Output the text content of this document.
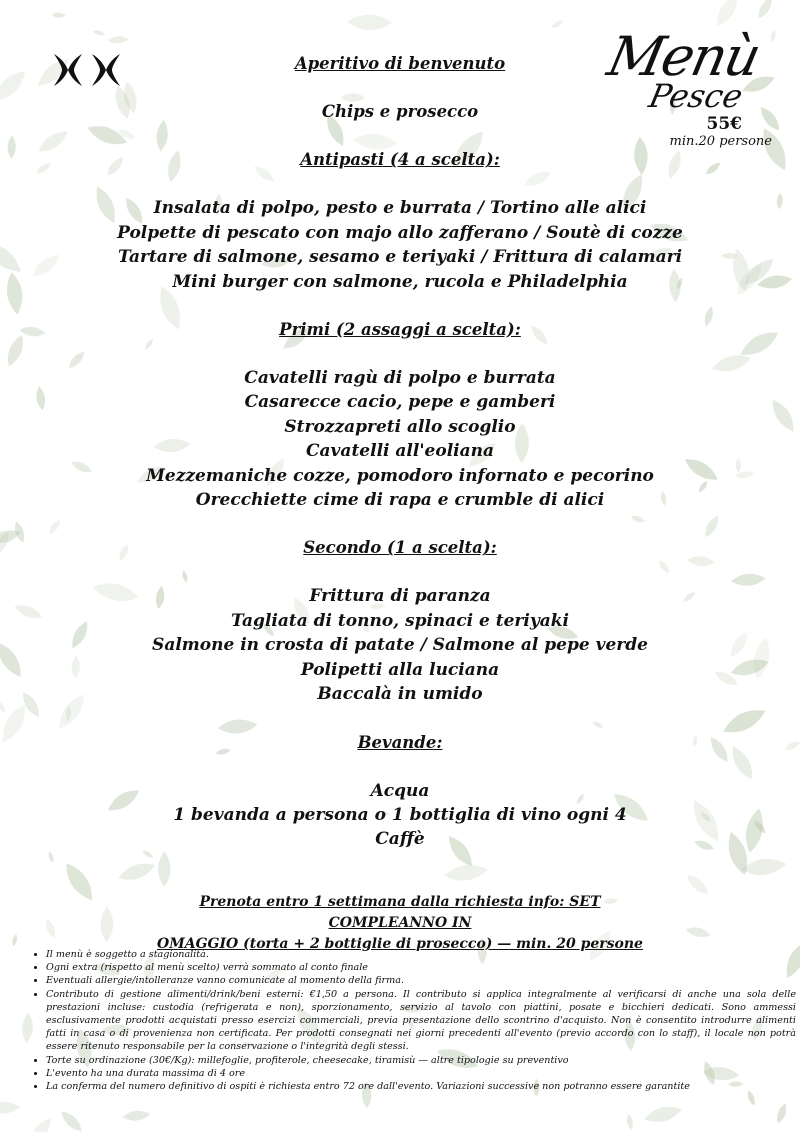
Menù
Pesce
55€
min.20 persone

Aperitivo di benvenuto

Chips e prosecco

Antipasti (4 a scelta):

Insalata di polpo, pesto e burrata / Tortino alle alici

Polpette di pescato con majo allo zafferano / Soutè di cozze

Tartare di salmone, sesamo e teriyaki / Frittura di calamari

Mini burger con salmone, rucola e Philadelphia

Primi (2 assaggi a scelta):

Cavatelli ragù di polpo e burrata

Casarecce cacio, pepe e gamberi

Strozzapreti allo scoglio

Cavatelli all'eoliana

Mezzemaniche cozze, pomodoro infornato e pecorino

Orecchiette cime di rapa e crumble di alici

Secondo (1 a scelta):

Frittura di paranza

Tagliata di tonno, spinaci e teriyaki

Salmone in crosta di patate / Salmone al pepe verde

Polipetti alla luciana

Baccalà in umido

Bevande:

Acqua

1 bevanda a persona o 1 bottiglia di vino ogni 4

Caffè

Prenota entro 1 settimana dalla richiesta info: SET COMPLEANNO IN
OMAGGIO (torta + 2 bottiglie di prosecco) — min. 20 persone
• Il menù è soggetto a stagionalità.
• Ogni extra (rispetto al menù scelto) verrà sommato al conto finale
• Eventuali allergie/intolleranze vanno comunicate al momento della firma.
• Contributo di gestione alimenti/drink/beni esterni: €1,50 a persona. Il contributo si applica integralmente al verificarsi di anche una sola delle prestazioni incluse: custodia (refrigerata e non), sporzionamento, servizio al tavolo con piattini, posate e bicchieri dedicati. Sono ammessi esclusivamente prodotti acquistati presso esercizi commerciali, previa presentazione dello scontrino d'acquisto. Non è consentito introdurre alimenti fatti in casa o di provenienza non certificata. Per prodotti consegnati nei giorni precedenti all'evento (previo accordo con lo staff), il locale non potrà essere ritenuto responsabile per la conservazione o l'integrità degli stessi.
• Torte su ordinazione (30€/Kg): millefoglie, profiterole, cheesecake, tiramisù — altre tipologie su preventivo
• L'evento ha una durata massima di 4 ore
• La conferma del numero definitivo di ospiti è richiesta entro 72 ore dall'evento. Variazioni successive non potranno essere garantite
